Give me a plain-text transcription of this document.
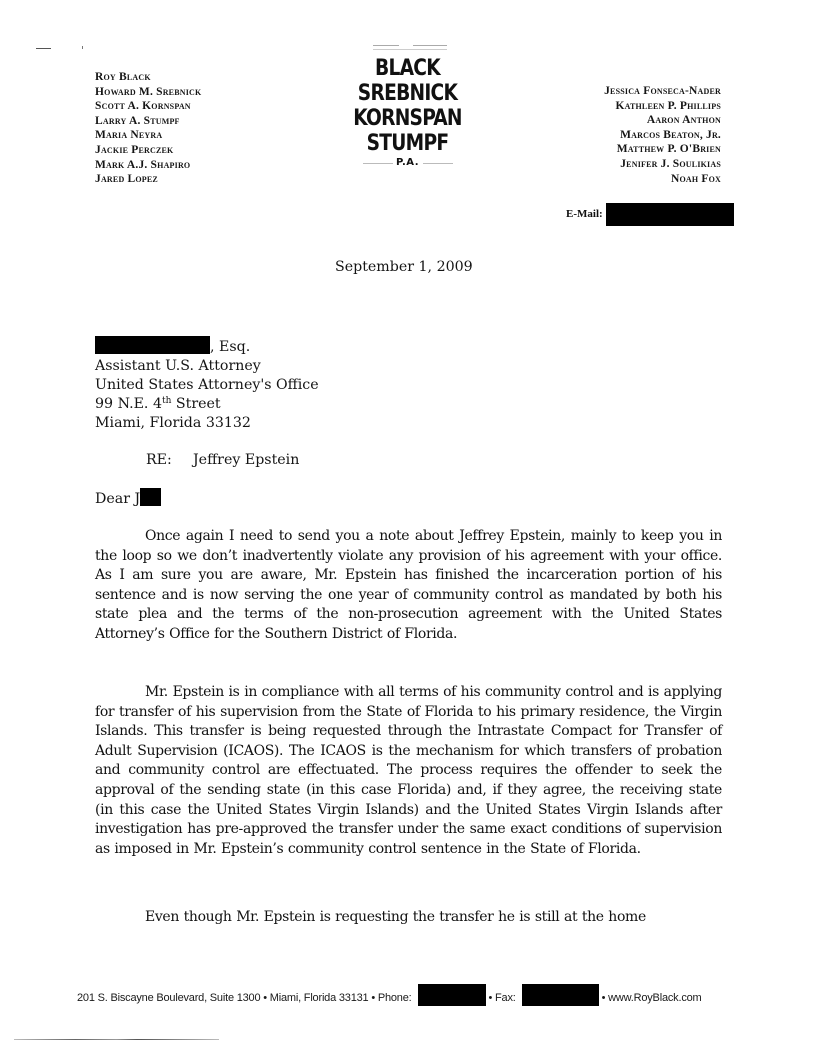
Roy Black
Howard M. Srebnick
Scott A. Kornspan
Larry A. Stumpf
Maria Neyra
Jackie Perczek
Mark A.J. Shapiro
Jared Lopez
BLACK
SREBNICK
KORNSPAN
STUMPF
P.A.
Jessica Fonseca-Nader
Kathleen P. Phillips
Aaron Anthon
Marcos Beaton, Jr.
Matthew P. O'Brien
Jenifer J. Soulikias
Noah Fox
E-Mail:
September 1, 2009
, Esq.
Assistant U.S. Attorney
United States Attorney's Office
99 N.E. 4th Street
Miami, Florida 33132
RE: Jeffrey Epstein
Dear J

Once again I need to send you a note about Jeffrey Epstein, mainly to keep you in the loop so we don’t inadvertently violate any provision of his agreement with your office. As I am sure you are aware, Mr. Epstein has finished the incarceration portion of his sentence and is now serving the one year of community control as mandated by both his state plea and the terms of the non-prosecution agreement with the United States Attorney’s Office for the Southern District of Florida.

Mr. Epstein is in compliance with all terms of his community control and is applying for transfer of his supervision from the State of Florida to his primary residence, the Virgin Islands. This transfer is being requested through the Intrastate Compact for Transfer of Adult Supervision (ICAOS). The ICAOS is the mechanism for which transfers of probation and community control are effectuated. The process requires the offender to seek the approval of the sending state (in this case Florida) and, if they agree, the receiving state (in this case the United States Virgin Islands) and the United States Virgin Islands after investigation has pre-approved the transfer under the same exact conditions of supervision as imposed in Mr. Epstein’s community control sentence in the State of Florida.

Even though Mr. Epstein is requesting the transfer he is still at the home

201 S. Biscayne Boulevard, Suite 1300 • Miami, Florida 33131 • Phone:	• Fax:	• www.RoyBlack.com
